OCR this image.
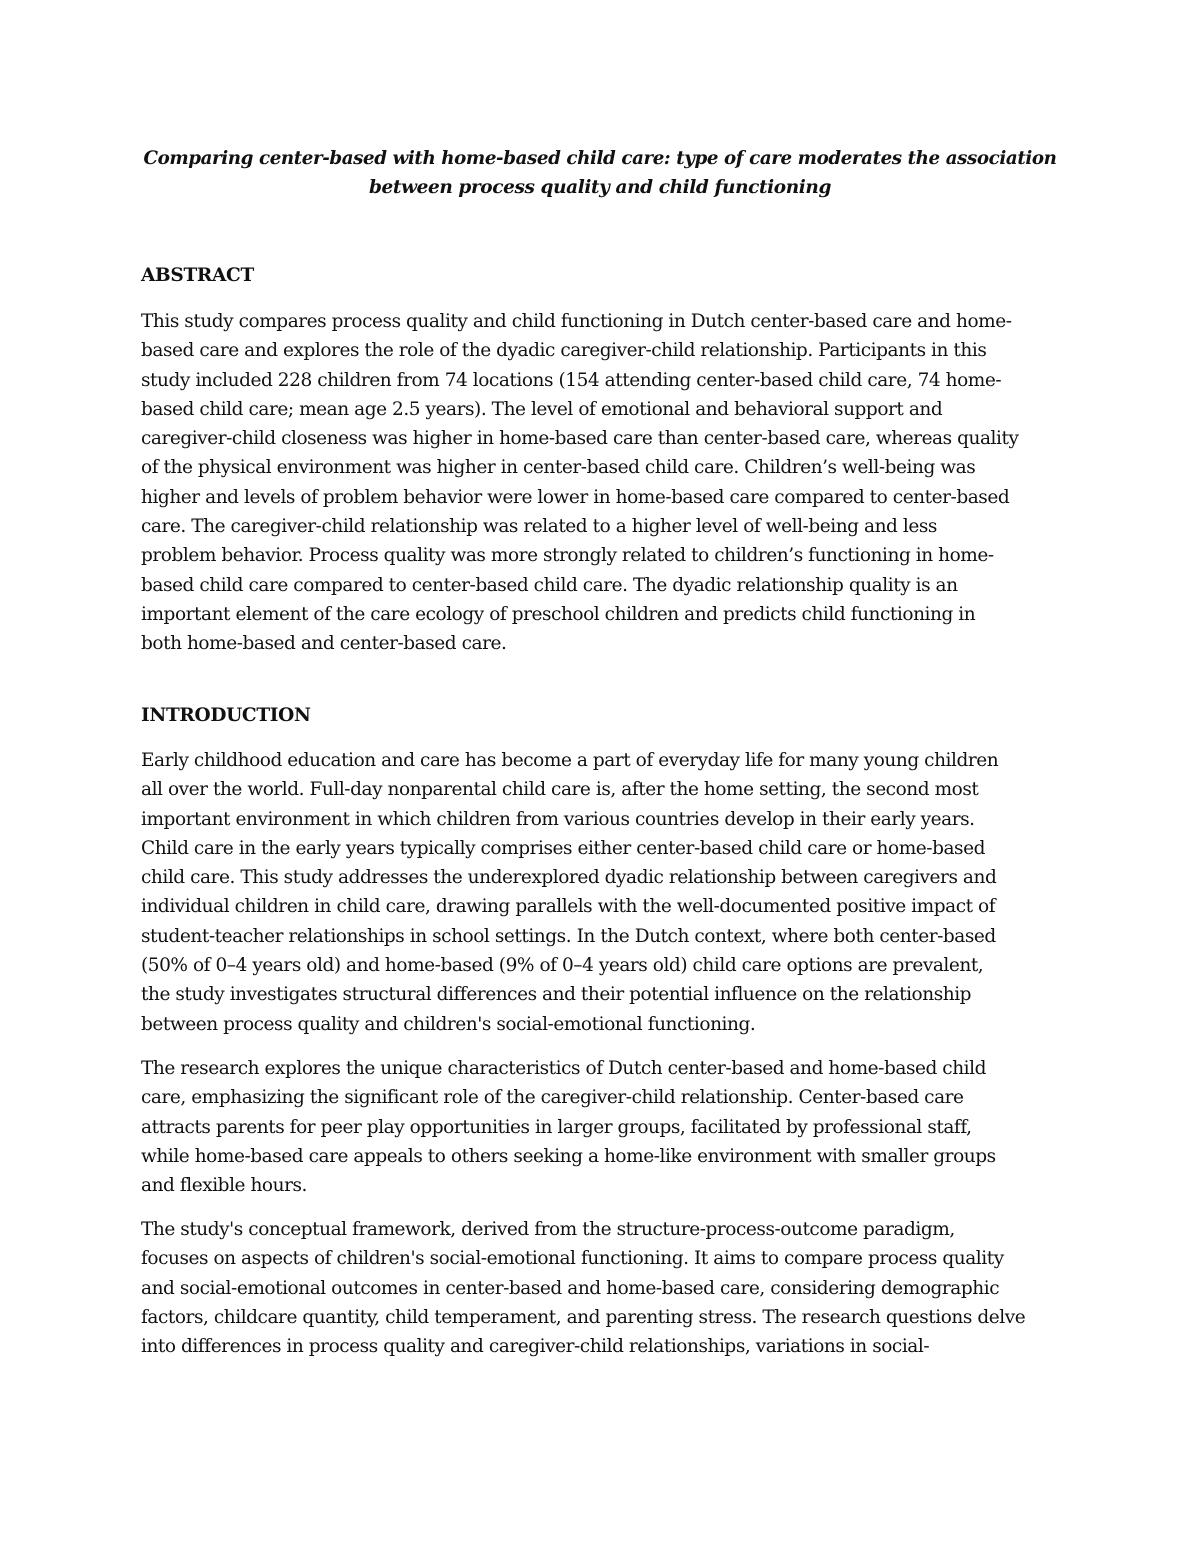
Comparing center-based with home-based child care: type of care moderates the association
between process quality and child functioning
ABSTRACT

This study compares process quality and child functioning in Dutch center-based care and home-
based care and explores the role of the dyadic caregiver-child relationship. Participants in this
study included 228 children from 74 locations (154 attending center-based child care, 74 home-
based child care; mean age 2.5 years). The level of emotional and behavioral support and
caregiver-child closeness was higher in home-based care than center-based care, whereas quality
of the physical environment was higher in center-based child care. Children’s well-being was
higher and levels of problem behavior were lower in home-based care compared to center-based
care. The caregiver-child relationship was related to a higher level of well-being and less
problem behavior. Process quality was more strongly related to children’s functioning in home-
based child care compared to center-based child care. The dyadic relationship quality is an
important element of the care ecology of preschool children and predicts child functioning in
both home-based and center-based care.

INTRODUCTION

Early childhood education and care has become a part of everyday life for many young children
all over the world. Full-day nonparental child care is, after the home setting, the second most
important environment in which children from various countries develop in their early years.
Child care in the early years typically comprises either center-based child care or home-based
child care. This study addresses the underexplored dyadic relationship between caregivers and
individual children in child care, drawing parallels with the well-documented positive impact of
student-teacher relationships in school settings. In the Dutch context, where both center-based
(50% of 0–4 years old) and home-based (9% of 0–4 years old) child care options are prevalent,
the study investigates structural differences and their potential influence on the relationship
between process quality and children's social-emotional functioning.

The research explores the unique characteristics of Dutch center-based and home-based child
care, emphasizing the significant role of the caregiver-child relationship. Center-based care
attracts parents for peer play opportunities in larger groups, facilitated by professional staff,
while home-based care appeals to others seeking a home-like environment with smaller groups
and flexible hours.

The study's conceptual framework, derived from the structure-process-outcome paradigm,
focuses on aspects of children's social-emotional functioning. It aims to compare process quality
and social-emotional outcomes in center-based and home-based care, considering demographic
factors, childcare quantity, child temperament, and parenting stress. The research questions delve
into differences in process quality and caregiver-child relationships, variations in social-
